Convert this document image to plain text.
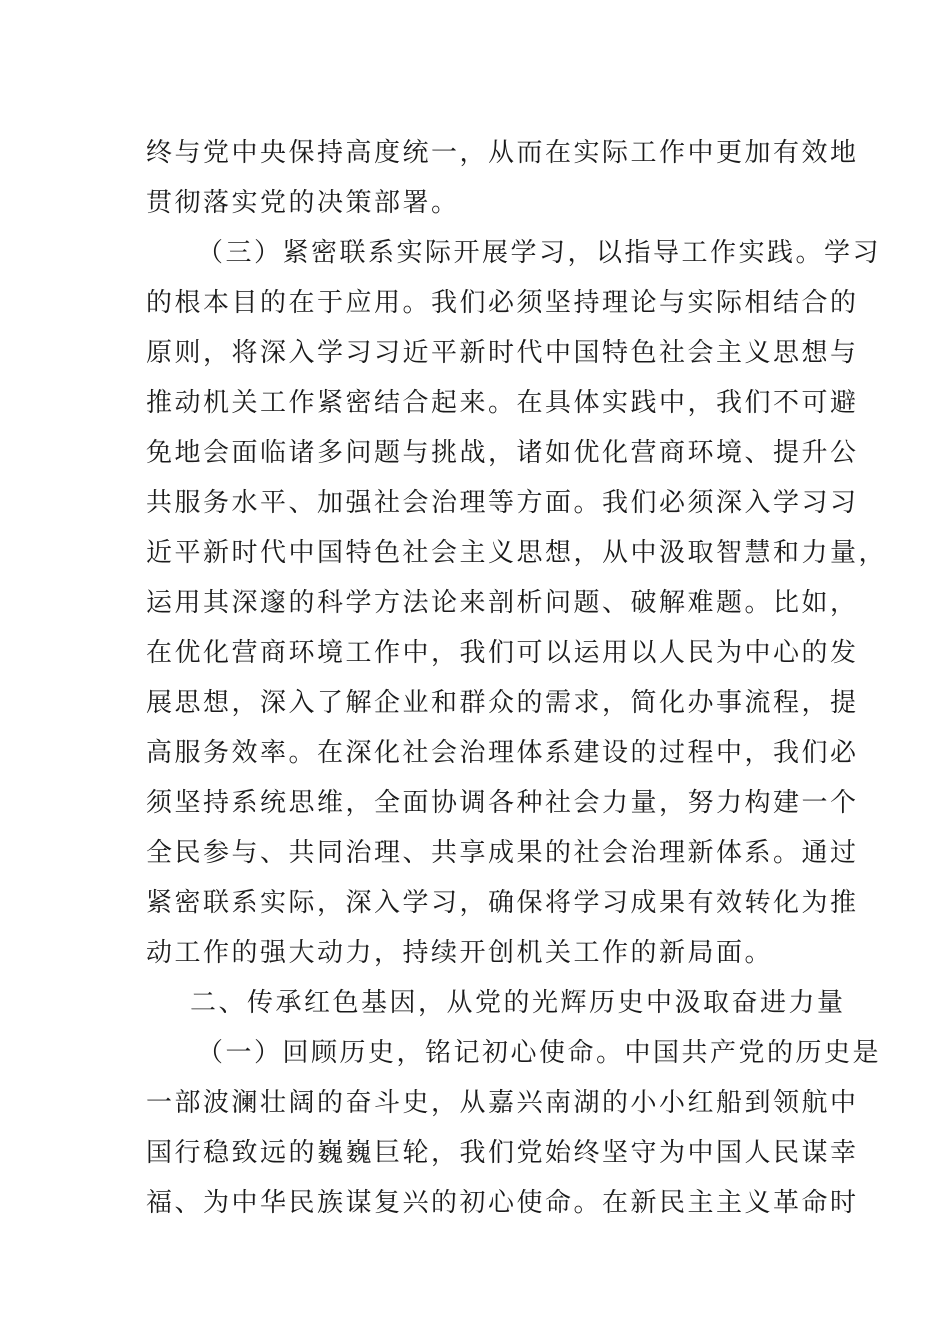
终与党中央保持高度统一，从而在实际工作中更加有效地
贯彻落实党的决策部署。
（三）紧密联系实际开展学习，以指导工作实践。学习
的根本目的在于应用。我们必须坚持理论与实际相结合的
原则，将深入学习习近平新时代中国特色社会主义思想与
推动机关工作紧密结合起来。在具体实践中，我们不可避
免地会面临诸多问题与挑战，诸如优化营商环境、提升公
共服务水平、加强社会治理等方面。我们必须深入学习习
近平新时代中国特色社会主义思想，从中汲取智慧和力量，
运用其深邃的科学方法论来剖析问题、破解难题。比如，
在优化营商环境工作中，我们可以运用以人民为中心的发
展思想，深入了解企业和群众的需求，简化办事流程，提
高服务效率。在深化社会治理体系建设的过程中，我们必
须坚持系统思维，全面协调各种社会力量，努力构建一个
全民参与、共同治理、共享成果的社会治理新体系。通过
紧密联系实际，深入学习，确保将学习成果有效转化为推
动工作的强大动力，持续开创机关工作的新局面。
二、传承红色基因，从党的光辉历史中汲取奋进力量
（一）回顾历史，铭记初心使命。中国共产党的历史是
一部波澜壮阔的奋斗史，从嘉兴南湖的小小红船到领航中
国行稳致远的巍巍巨轮，我们党始终坚守为中国人民谋幸
福、为中华民族谋复兴的初心使命。在新民主主义革命时
